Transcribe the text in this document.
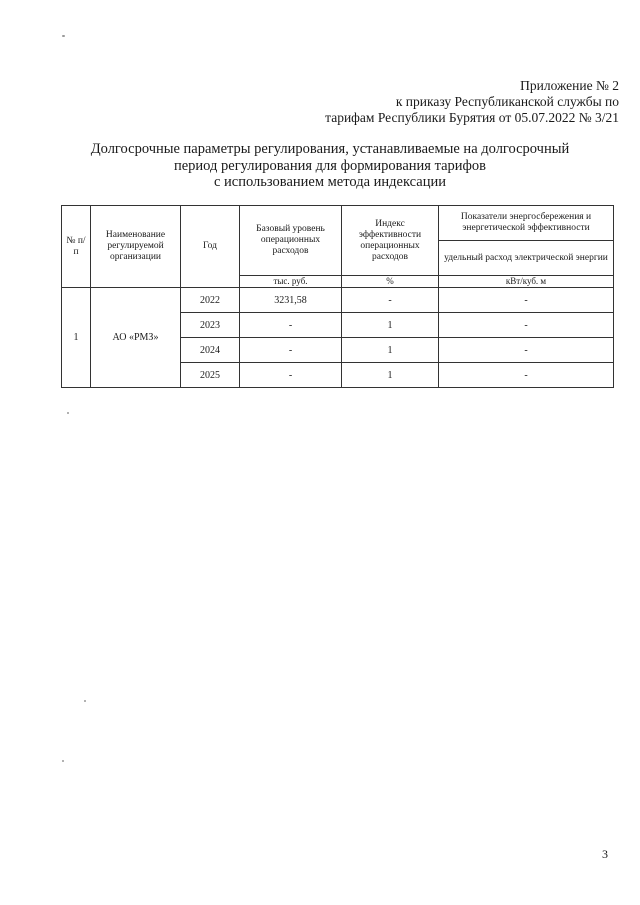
Приложение № 2
к приказу Республиканской службы по
тарифам Республики Бурятия от 05.07.2022 № 3/21
Долгосрочные параметры регулирования, устанавливаемые на долгосрочный
период регулирования для формирования тарифов
с использованием метода индексации
№ п/п	Наименование регулируемой организации	Год	Базовый уровень операционных расходов	Индекс эффективности операционных расходов	Показатели энергосбережения и энергетической эффективности
					удельный расход электрической энергии
			тыс. руб.	%	кВт/куб. м
1	АО «РМЗ»	2022	3231,58	-	-
		2023	-	1	-
		2024	-	1	-
		2025	-	1	-
3
